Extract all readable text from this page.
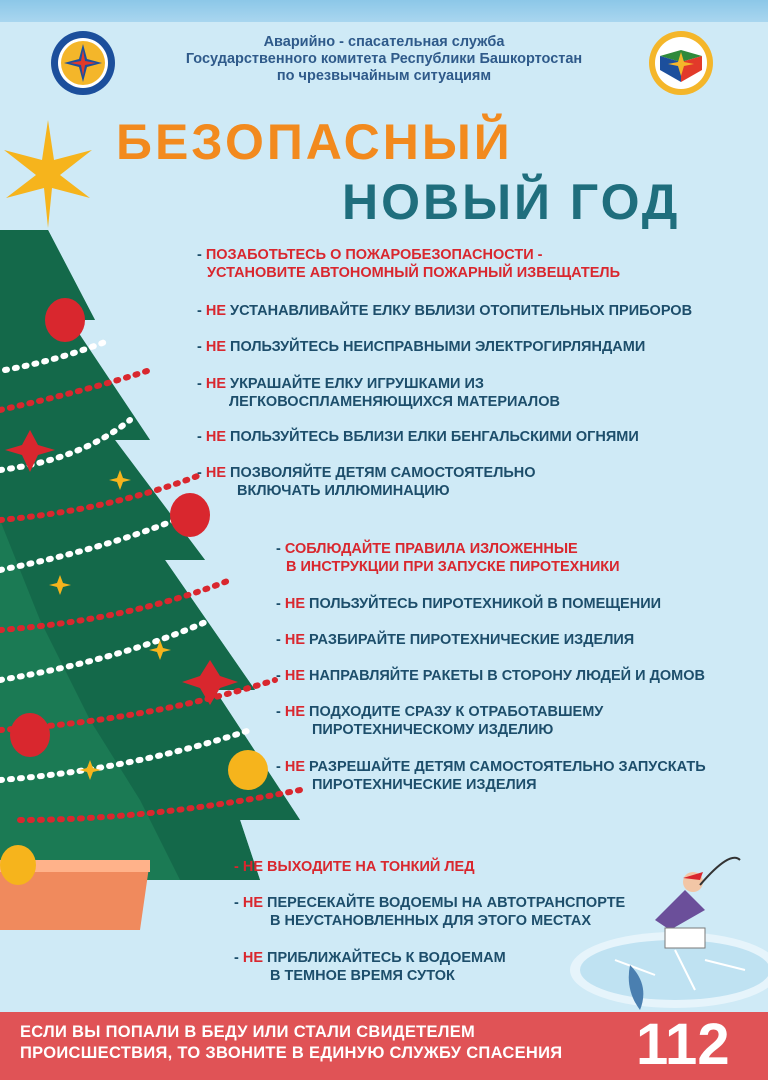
Аварийно - спасательная служба
Государственного комитета Республики Башкортостан
по чрезвычайным ситуациям
БЕЗОПАСНЫЙ
НОВЫЙ ГОД
- ПОЗАБОТЬТЕСЬ О ПОЖАРОБЕЗОПАСНОСТИ -
УСТАНОВИТЕ АВТОНОМНЫЙ ПОЖАРНЫЙ ИЗВЕЩАТЕЛЬ
- НЕ УСТАНАВЛИВАЙТЕ ЕЛКУ ВБЛИЗИ ОТОПИТЕЛЬНЫХ ПРИБОРОВ
- НЕ ПОЛЬЗУЙТЕСЬ НЕИСПРАВНЫМИ ЭЛЕКТРОГИРЛЯНДАМИ
- НЕ УКРАШАЙТЕ ЕЛКУ ИГРУШКАМИ ИЗ
ЛЕГКОВОСПЛАМЕНЯЮЩИХСЯ МАТЕРИАЛОВ
- НЕ ПОЛЬЗУЙТЕСЬ ВБЛИЗИ ЕЛКИ БЕНГАЛЬСКИМИ ОГНЯМИ
- НЕ ПОЗВОЛЯЙТЕ ДЕТЯМ САМОСТОЯТЕЛЬНО
ВКЛЮЧАТЬ ИЛЛЮМИНАЦИЮ
- СОБЛЮДАЙТЕ ПРАВИЛА ИЗЛОЖЕННЫЕ
В ИНСТРУКЦИИ ПРИ ЗАПУСКЕ ПИРОТЕХНИКИ
- НЕ ПОЛЬЗУЙТЕСЬ ПИРОТЕХНИКОЙ В ПОМЕЩЕНИИ
- НЕ РАЗБИРАЙТЕ ПИРОТЕХНИЧЕСКИЕ ИЗДЕЛИЯ
- НЕ НАПРАВЛЯЙТЕ РАКЕТЫ В СТОРОНУ ЛЮДЕЙ И ДОМОВ
- НЕ ПОДХОДИТЕ СРАЗУ К ОТРАБОТАВШЕМУ
ПИРОТЕХНИЧЕСКОМУ ИЗДЕЛИЮ
- НЕ РАЗРЕШАЙТЕ ДЕТЯМ САМОСТОЯТЕЛЬНО ЗАПУСКАТЬ
ПИРОТЕХНИЧЕСКИЕ ИЗДЕЛИЯ
- НЕ ВЫХОДИТЕ НА ТОНКИЙ ЛЕД
- НЕ ПЕРЕСЕКАЙТЕ ВОДОЕМЫ НА АВТОТРАНСПОРТЕ
В НЕУСТАНОВЛЕННЫХ ДЛЯ ЭТОГО МЕСТАХ
- НЕ ПРИБЛИЖАЙТЕСЬ К ВОДОЕМАМ
В ТЕМНОЕ ВРЕМЯ СУТОК
ЕСЛИ ВЫ ПОПАЛИ В БЕДУ ИЛИ СТАЛИ СВИДЕТЕЛЕМ
ПРОИСШЕСТВИЯ, ТО ЗВОНИТЕ В ЕДИНУЮ СЛУЖБУ СПАСЕНИЯ	112
